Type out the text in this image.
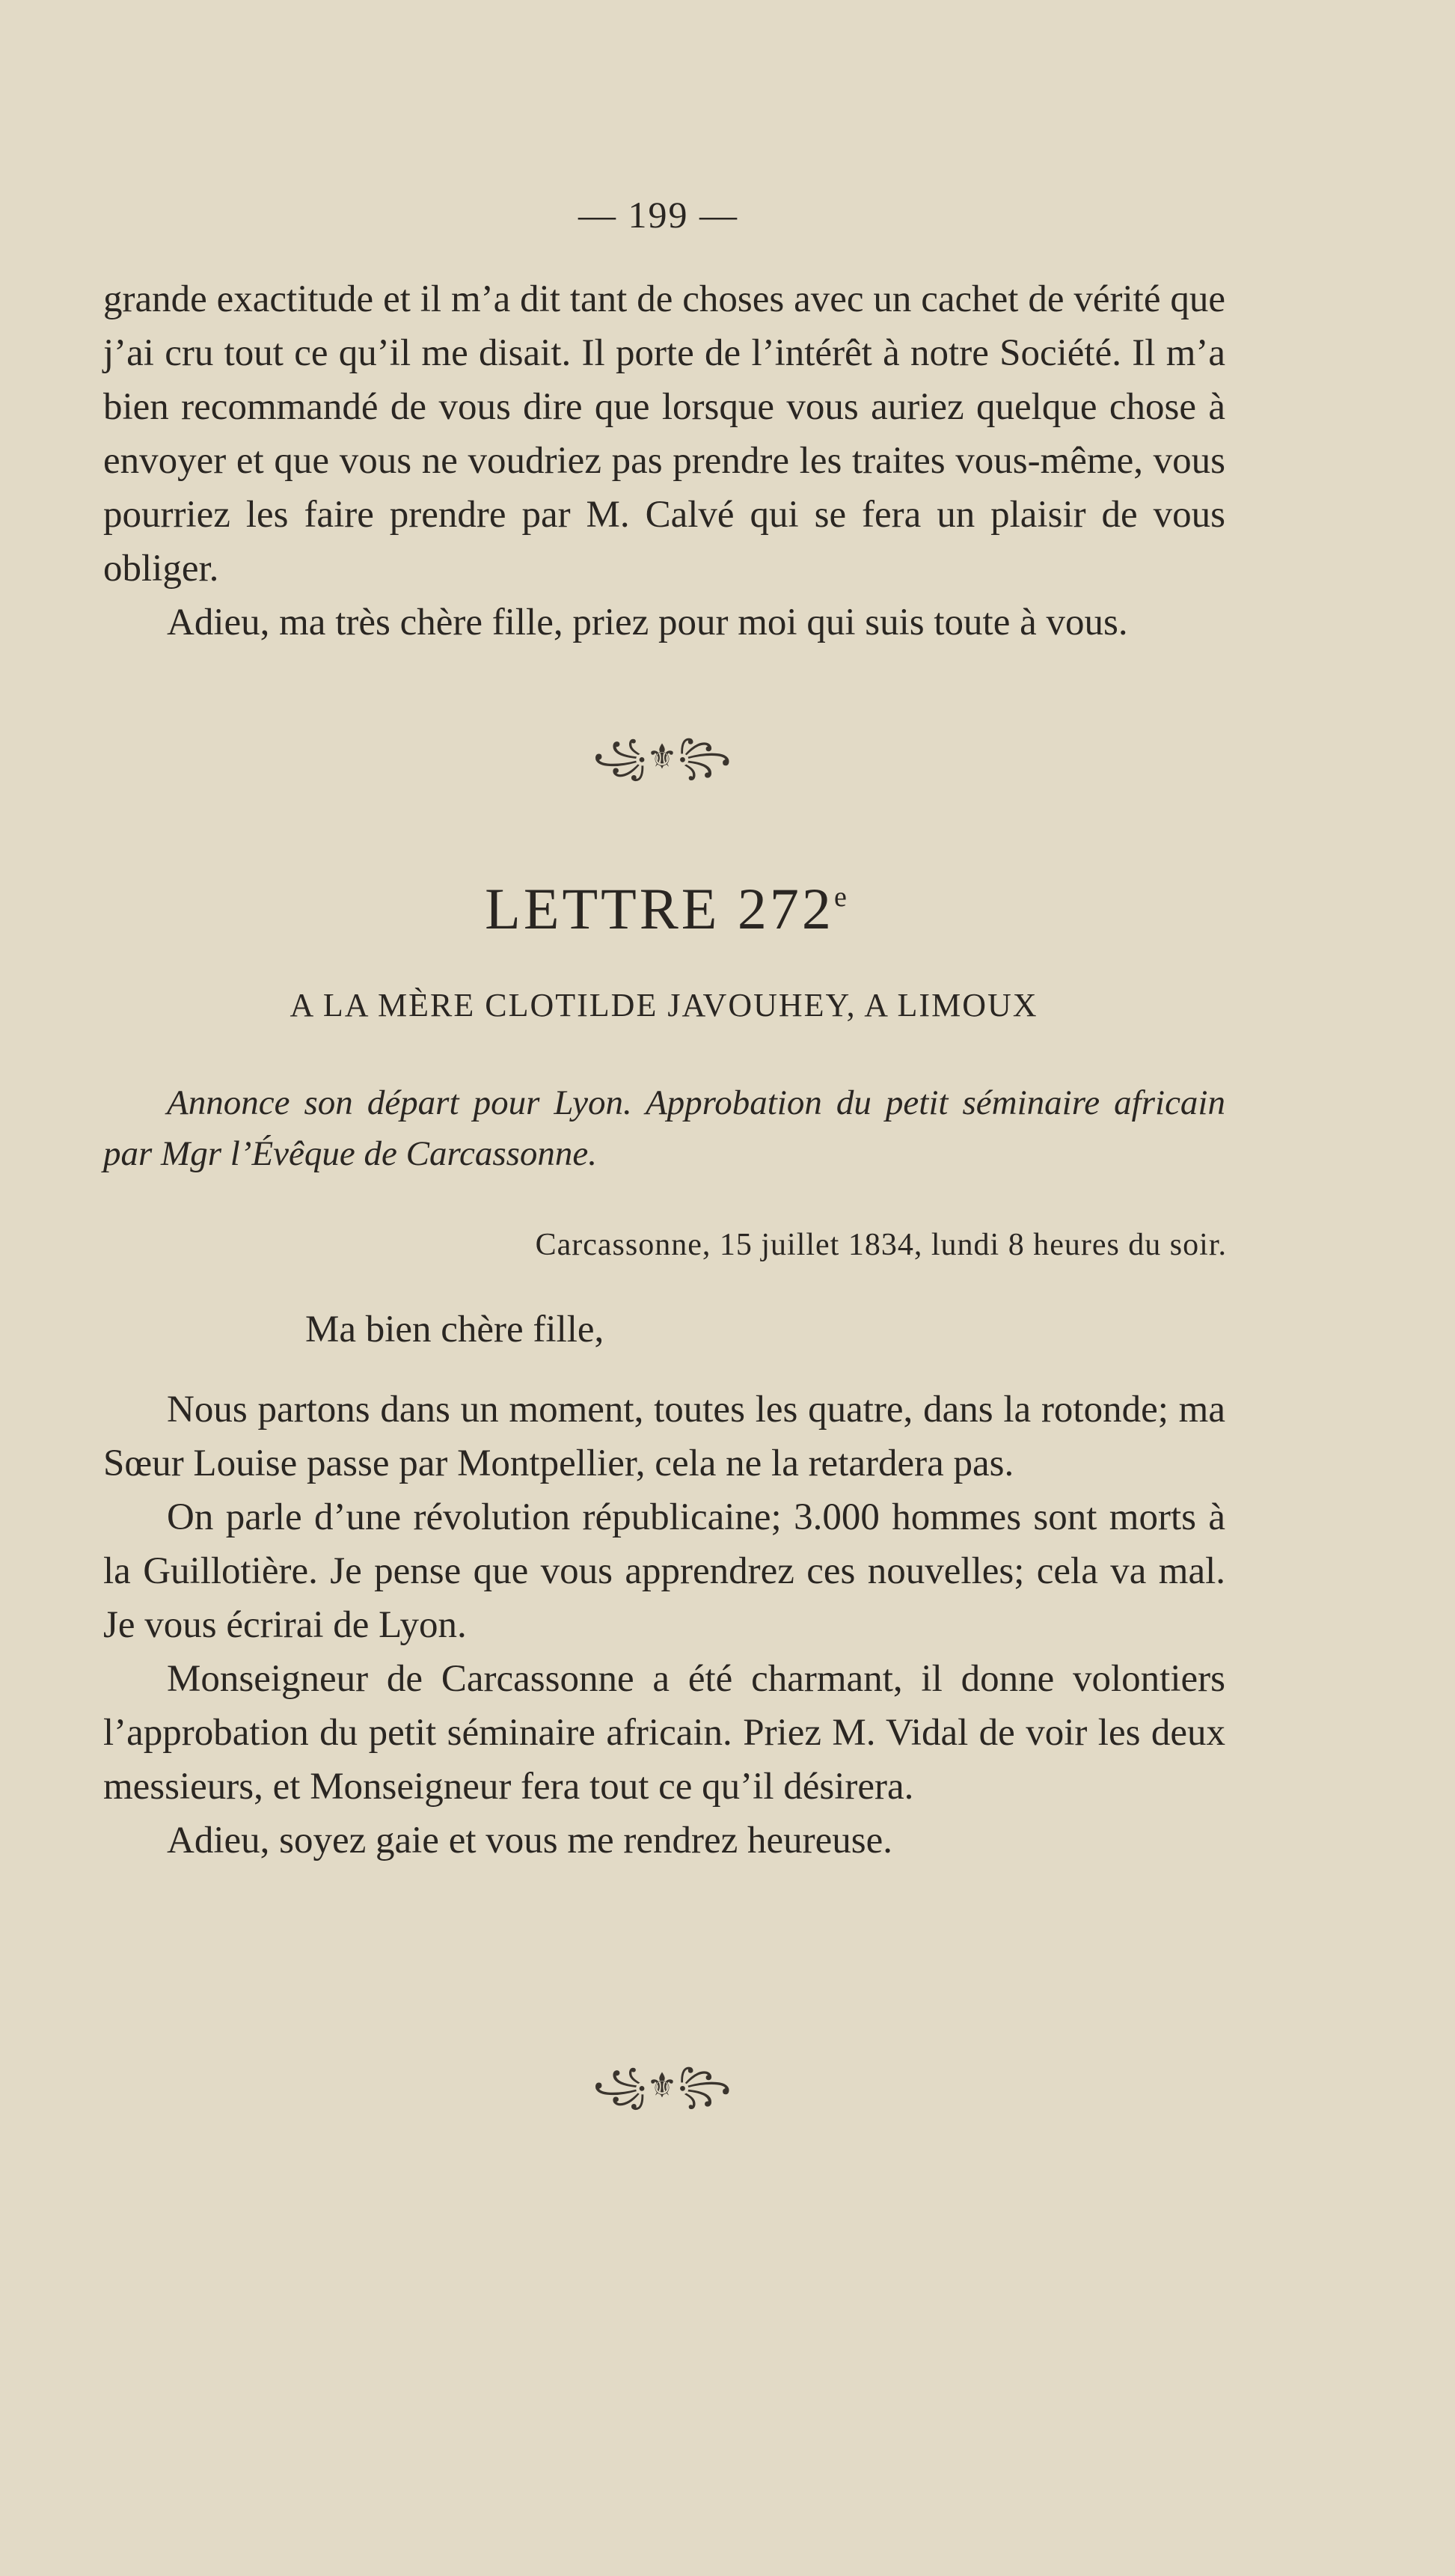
— 199 —

grande exactitude et il m’a dit tant de choses avec un cachet de vérité que j’ai cru tout ce qu’il me disait. Il porte de l’intérêt à notre Société. Il m’a bien recommandé de vous dire que lorsque vous auriez quelque chose à envoyer et que vous ne voudriez pas prendre les traites vous-même, vous pourriez les faire prendre par M. Calvé qui se fera un plaisir de vous obliger.

Adieu, ma très chère fille, priez pour moi qui suis toute à vous.

꧁⚜꧂
LETTRE 272e
A LA MÈRE CLOTILDE JAVOUHEY, A LIMOUX
Annonce son départ pour Lyon. Approbation du petit séminaire africain par Mgr l’Évêque de Carcassonne.
Carcassonne, 15 juillet 1834, lundi 8 heures du soir.
Ma bien chère fille,

Nous partons dans un moment, toutes les quatre, dans la rotonde; ma Sœur Louise passe par Montpellier, cela ne la retardera pas.

On parle d’une révolution républicaine; 3.000 hommes sont morts à la Guillotière. Je pense que vous apprendrez ces nouvelles; cela va mal. Je vous écrirai de Lyon.

Monseigneur de Carcassonne a été charmant, il donne volontiers l’approbation du petit séminaire africain. Priez M. Vidal de voir les deux messieurs, et Monseigneur fera tout ce qu’il désirera.

Adieu, soyez gaie et vous me rendrez heureuse.

꧁⚜꧂
